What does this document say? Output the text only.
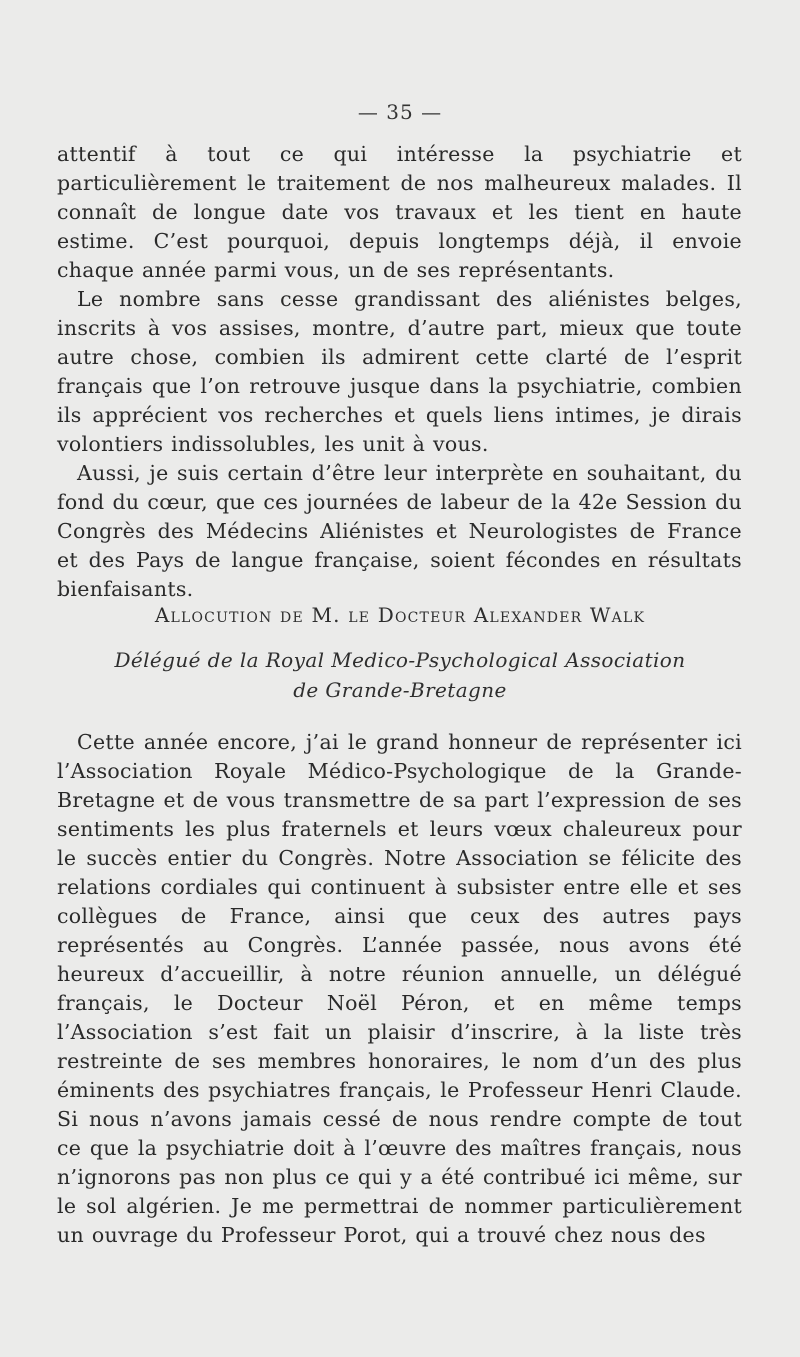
— 35 —

attentif à tout ce qui intéresse la psychiatrie et particulièrement le traitement de nos malheureux malades. Il connaît de longue date vos travaux et les tient en haute estime. C’est pourquoi, depuis longtemps déjà, il envoie chaque année parmi vous, un de ses représentants.

Le nombre sans cesse grandissant des aliénistes belges, inscrits à vos assises, montre, d’autre part, mieux que toute autre chose, combien ils admirent cette clarté de l’esprit français que l’on retrouve jusque dans la psychiatrie, combien ils apprécient vos recherches et quels liens intimes, je dirais volontiers indissolubles, les unit à vous.

Aussi, je suis certain d’être leur interprète en souhaitant, du fond du cœur, que ces journées de labeur de la 42e Session du Congrès des Médecins Aliénistes et Neurologistes de France et des Pays de langue française, soient fécondes en résultats bienfaisants.

Allocution de M. le Docteur Alexander Walk
Délégué de la Royal Medico-Psychological Association
de Grande-Bretagne

Cette année encore, j’ai le grand honneur de représenter ici l’Association Royale Médico-Psychologique de la Grande-Bretagne et de vous transmettre de sa part l’expression de ses sentiments les plus fraternels et leurs vœux chaleureux pour le succès entier du Congrès. Notre Association se félicite des relations cordiales qui continuent à subsister entre elle et ses collègues de France, ainsi que ceux des autres pays représentés au Congrès. L’année passée, nous avons été heureux d’accueillir, à notre réunion annuelle, un délégué français, le Docteur Noël Péron, et en même temps l’Association s’est fait un plaisir d’inscrire, à la liste très restreinte de ses membres honoraires, le nom d’un des plus éminents des psychiatres français, le Professeur Henri Claude. Si nous n’avons jamais cessé de nous rendre compte de tout ce que la psychiatrie doit à l’œuvre des maîtres français, nous n’ignorons pas non plus ce qui y a été contribué ici même, sur le sol algérien. Je me permettrai de nommer particulièrement un ouvrage du Professeur Porot, qui a trouvé chez nous des
